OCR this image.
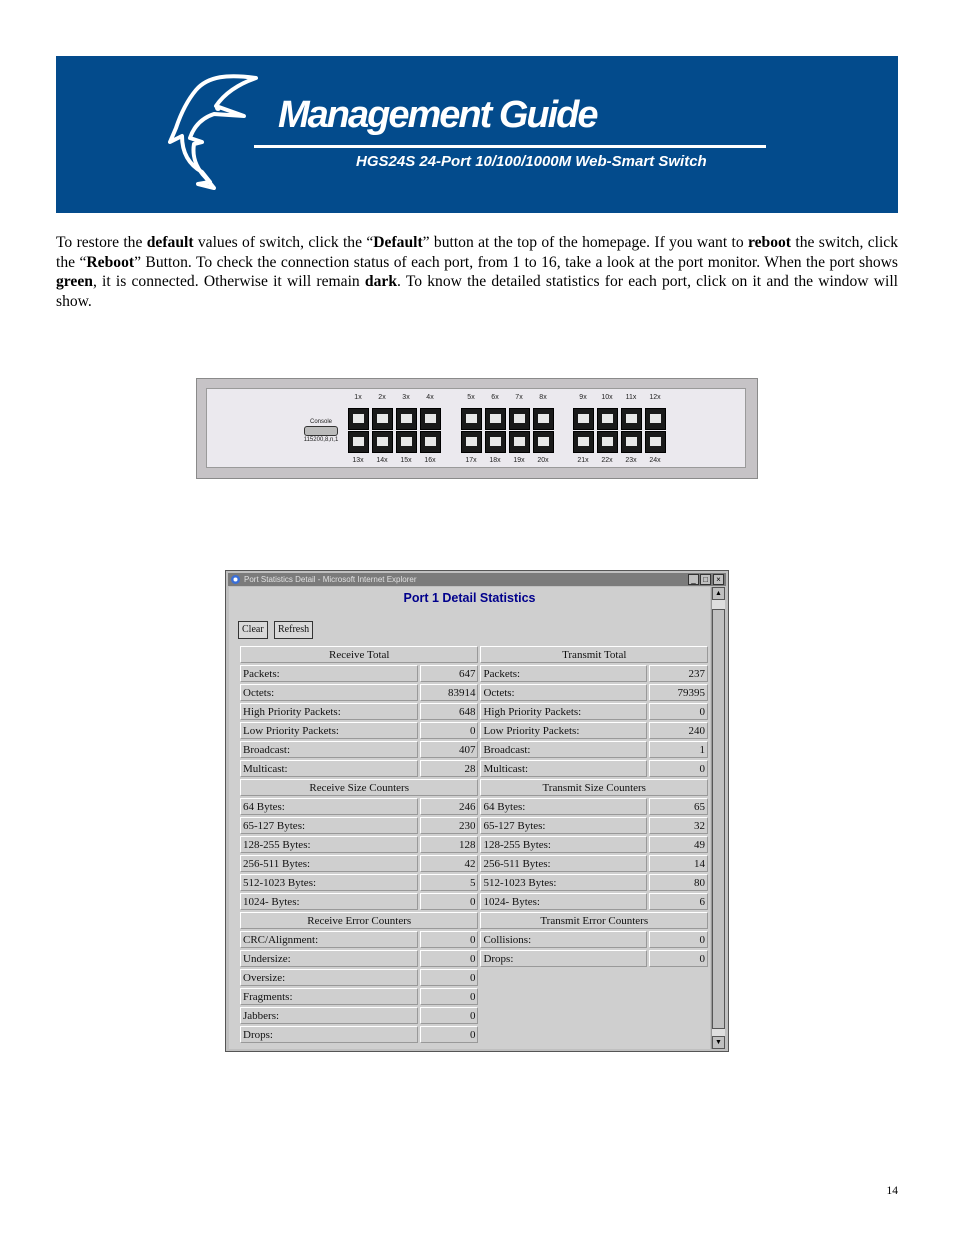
Management Guide
HGS24S 24-Port 10/100/1000M Web-Smart Switch

To restore the default values of switch, click the “Default” button at the top of the homepage. If you want to reboot the switch, click the “Reboot” Button. To check the connection status of each port, from 1 to 16, take a look at the port monitor. When the port shows green, it is connected. Otherwise it will remain dark. To know the detailed statistics for each port, click on it and the window will show.

Console
115200,8,n,1
1x
13x
2x
14x
3x
15x
4x
16x
5x
17x
6x
18x
7x
19x
8x
20x
9x
21x
10x
22x
11x
23x
12x
24x
Port Statistics Detail - Microsoft Internet Explorer	_ □	×
Port 1 Detail Statistics
Clear	Refresh
Receive Total		Transmit Total	
Packets:	647	Packets:	237
Octets:	83914	Octets:	79395
High Priority Packets:	648	High Priority Packets:	0
Low Priority Packets:	0	Low Priority Packets:	240
Broadcast:	407	Broadcast:	1
Multicast:	28	Multicast:	0
Receive Size Counters		Transmit Size Counters	
64 Bytes:	246	64 Bytes:	65
65-127 Bytes:	230	65-127 Bytes:	32
128-255 Bytes:	128	128-255 Bytes:	49
256-511 Bytes:	42	256-511 Bytes:	14
512-1023 Bytes:	5	512-1023 Bytes:	80
1024- Bytes:	0	1024- Bytes:	6
Receive Error Counters		Transmit Error Counters	
CRC/Alignment:	0	Collisions:	0
Undersize:	0	Drops:	0
Oversize:	0		
Fragments:	0		
Jabbers:	0		
Drops:	0		
▲
▼
14
